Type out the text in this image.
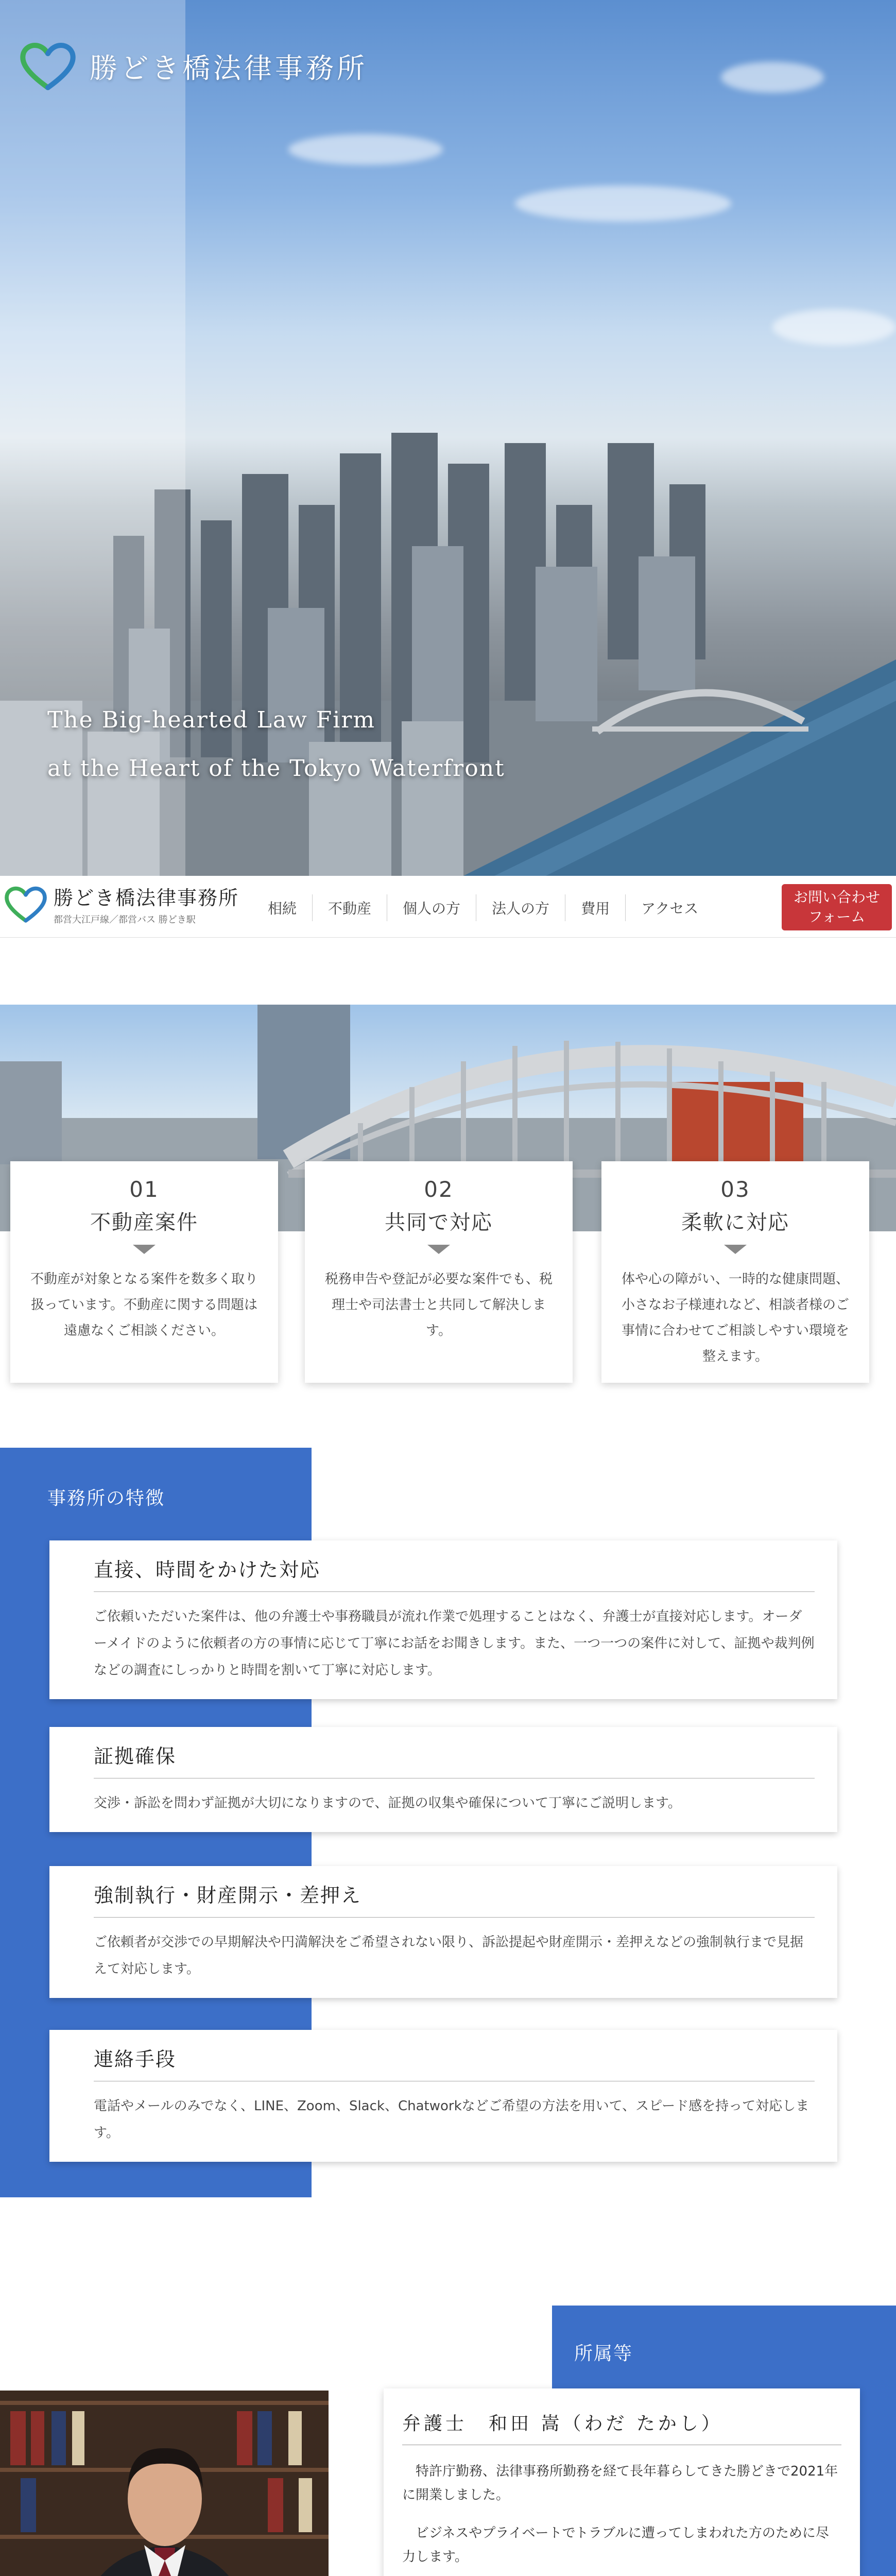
勝どき橋法律事務所
The Big-hearted Law Firm
at the Heart of the Tokyo Waterfront
勝どき橋法律事務所
都営大江戸線／都営バス 勝どき駅
相続	不動産	個人の方	法人の方	費用	アクセス
お問い合わせ
フォーム
01
不動産案件
不動産が対象となる案件を数多く取り扱っています。不動産に関する問題は遠慮なくご相談ください。
02
共同で対応
税務申告や登記が必要な案件でも、税理士や司法書士と共同して解決します。
03
柔軟に対応
体や心の障がい、一時的な健康問題、小さなお子様連れなど、相談者様のご事情に合わせてご相談しやすい環境を整えます。
事務所の特徴
直接、時間をかけた対応
ご依頼いただいた案件は、他の弁護士や事務職員が流れ作業で処理することはなく、弁護士が直接対応します。オーダーメイドのように依頼者の方の事情に応じて丁寧にお話をお聞きします。また、一つ一つの案件に対して、証拠や裁判例などの調査にしっかりと時間を割いて丁寧に対応します。
証拠確保
交渉・訴訟を問わず証拠が大切になりますので、証拠の収集や確保について丁寧にご説明します。
強制執行・財産開示・差押え
ご依頼者が交渉での早期解決や円満解決をご希望されない限り、訴訟提起や財産開示・差押えなどの強制執行まで見据えて対応します。
連絡手段
電話やメールのみでなく、LINE、Zoom、Slack、Chatworkなどご希望の方法を用いて、スピード感を持って対応します。
所属等
弁護士　和田 嵩（わだ たかし）
特許庁勤務、法律事務所勤務を経て長年暮らしてきた勝どきで2021年に開業しました。
ビジネスやプライベートでトラブルに遭ってしまわれた方のために尽力します。
